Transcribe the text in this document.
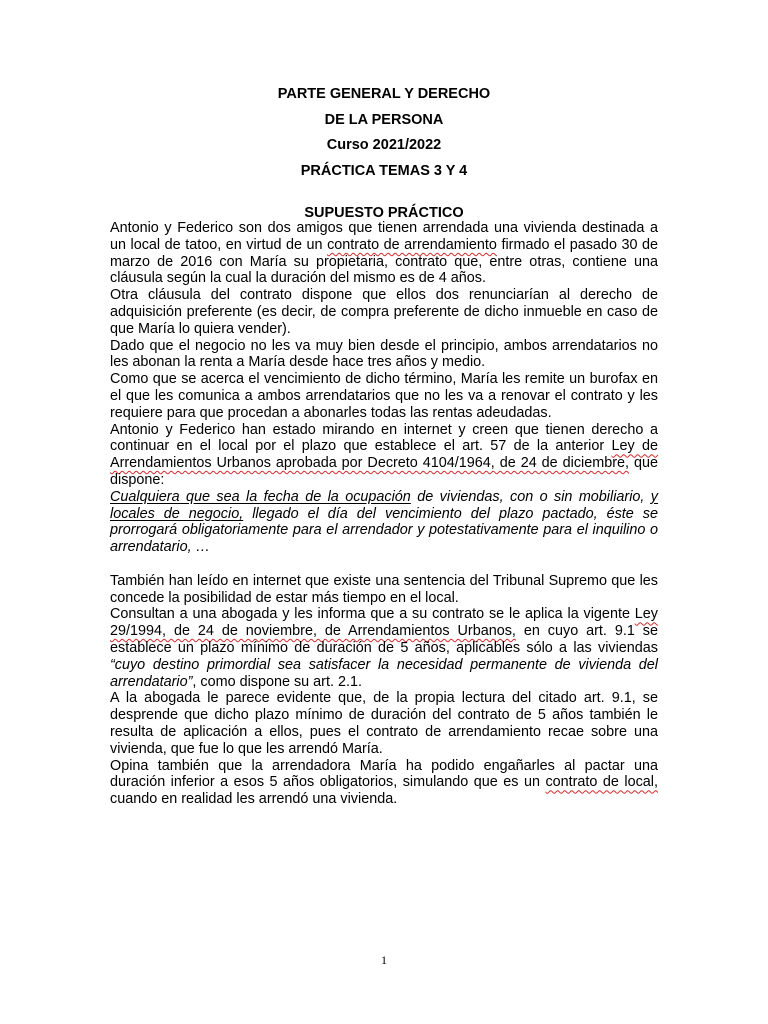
PARTE GENERAL Y DERECHO
DE LA PERSONA
Curso 2021/2022
PRÁCTICA TEMAS 3 Y 4
SUPUESTO PRÁCTICO

Antonio y Federico son dos amigos que tienen arrendada una vivienda destinada a un local de tatoo, en virtud de un contrato de arrendamiento firmado el pasado 30 de marzo de 2016 con María su propietaria, contrato que, entre otras, contiene una cláusula según la cual la duración del mismo es de 4 años.

Otra cláusula del contrato dispone que ellos dos renunciarían al derecho de adquisición preferente (es decir, de compra preferente de dicho inmueble en caso de que María lo quiera vender).

Dado que el negocio no les va muy bien desde el principio, ambos arrendatarios no les abonan la renta a María desde hace tres años y medio.

Como que se acerca el vencimiento de dicho término, María les remite un burofax en el que les comunica a ambos arrendatarios que no les va a renovar el contrato y les requiere para que procedan a abonarles todas las rentas adeudadas.

Antonio y Federico han estado mirando en internet y creen que tienen derecho a continuar en el local por el plazo que establece el art. 57 de la anterior Ley de Arrendamientos Urbanos aprobada por Decreto 4104/1964, de 24 de diciembre, que dispone:

Cualquiera que sea la fecha de la ocupación de viviendas, con o sin mobiliario, y locales de negocio, llegado el día del vencimiento del plazo pactado, éste se prorrogará obligatoriamente para el arrendador y potestativamente para el inquilino o arrendatario, …

También han leído en internet que existe una sentencia del Tribunal Supremo que les concede la posibilidad de estar más tiempo en el local.

Consultan a una abogada y les informa que a su contrato se le aplica la vigente Ley 29/1994, de 24 de noviembre, de Arrendamientos Urbanos, en cuyo art. 9.1 se establece un plazo mínimo de duración de 5 años, aplicables sólo a las viviendas “cuyo destino primordial sea satisfacer la necesidad permanente de vivienda del arrendatario”, como dispone su art. 2.1.

A la abogada le parece evidente que, de la propia lectura del citado art. 9.1, se desprende que dicho plazo mínimo de duración del contrato de 5 años también le resulta de aplicación a ellos, pues el contrato de arrendamiento recae sobre una vivienda, que fue lo que les arrendó María.

Opina también que la arrendadora María ha podido engañarles al pactar una duración inferior a esos 5 años obligatorios, simulando que es un contrato de local, cuando en realidad les arrendó una vivienda.

1
